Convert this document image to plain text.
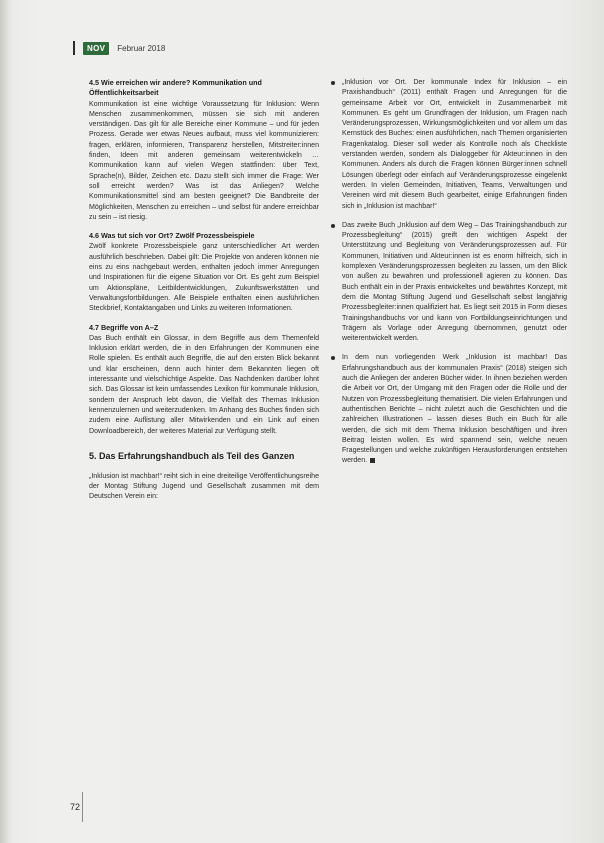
NOV	Februar 2018
4.5 Wie erreichen wir andere? Kommunikation und Öffentlichkeitsarbeit

Kommunikation ist eine wichtige Voraussetzung für Inklusion: Wenn Menschen zusammenkommen, müssen sie sich mit anderen verständigen. Das gilt für alle Bereiche einer Kommune – und für jeden Prozess. Gerade wer etwas Neues aufbaut, muss viel kommunizieren: fragen, erklären, informieren, Transparenz herstellen, Mitstreiter:innen finden, Ideen mit anderen gemeinsam weiterentwickeln … Kommunikation kann auf vielen Wegen stattfinden: über Text, Sprache(n), Bilder, Zeichen etc. Dazu stellt sich immer die Frage: Wer soll erreicht werden? Was ist das Anliegen? Welche Kommunikationsmittel sind am besten geeignet? Die Bandbreite der Möglichkeiten, Menschen zu erreichen – und selbst für andere erreichbar zu sein – ist riesig.

4.6 Was tut sich vor Ort? Zwölf Prozessbeispiele

Zwölf konkrete Prozessbeispiele ganz unterschiedlicher Art werden ausführlich beschrieben. Dabei gilt: Die Projekte von anderen können nie eins zu eins nachgebaut werden, enthalten jedoch immer Anregungen und Inspirationen für die eigene Situation vor Ort. Es geht zum Beispiel um Aktionspläne, Leitbildentwicklungen, Zukunftswerkstätten und Verwaltungsfortbildungen. Alle Beispiele enthalten einen ausführlichen Steckbrief, Kontaktangaben und Links zu weiteren Informationen.

4.7 Begriffe von A–Z

Das Buch enthält ein Glossar, in dem Begriffe aus dem Themenfeld Inklusion erklärt werden, die in den Erfahrungen der Kommunen eine Rolle spielen. Es enthält auch Begriffe, die auf den ersten Blick bekannt und klar erscheinen, denn auch hinter dem Bekannten liegen oft interessante und vielschichtige Aspekte. Das Nachdenken darüber lohnt sich. Das Glossar ist kein umfassendes Lexikon für kommunale Inklusion, sondern der Anspruch lebt davon, die Vielfalt des Themas Inklusion kennenzulernen und weiterzudenken. Im Anhang des Buches finden sich zudem eine Auflistung aller Mitwirkenden und ein Link auf einen Downloadbereich, der weiteres Material zur Verfügung stellt.

5. Das Erfahrungshandbuch als Teil des Ganzen

„Inklusion ist machbar!“ reiht sich in eine dreiteilige Veröffentlichungsreihe der Montag Stiftung Jugend und Gesellschaft zusammen mit dem Deutschen Verein ein:

„Inklusion vor Ort. Der kommunale Index für Inklusion – ein Praxishandbuch“ (2011) enthält Fragen und Anregungen für die gemeinsame Arbeit vor Ort, entwickelt in Zusammenarbeit mit Kommunen. Es geht um Grundfragen der Inklusion, um Fragen nach Veränderungsprozessen, Wirkungsmöglichkeiten und vor allem um das Kernstück des Buches: einen ausführlichen, nach Themen organisierten Fragenkatalog. Dieser soll weder als Kontrolle noch als Checkliste verstanden werden, sondern als Dialoggeber für Akteur:innen in den Kommunen. Anders als durch die Fragen können Bürger:innen schnell Lösungen überlegt oder einfach auf Veränderungsprozesse eingelenkt werden. In vielen Gemeinden, Initiativen, Teams, Verwaltungen und Vereinen wird mit diesem Buch gearbeitet, einige Erfahrungen finden sich in „Inklusion ist machbar!“
Das zweite Buch „Inklusion auf dem Weg – Das Trainingshandbuch zur Prozessbegleitung“ (2015) greift den wichtigen Aspekt der Unterstützung und Begleitung von Veränderungsprozessen auf. Für Kommunen, Initiativen und Akteur:innen ist es enorm hilfreich, sich in komplexen Veränderungsprozessen begleiten zu lassen, um den Blick von außen zu bewahren und professionell agieren zu können. Das Buch enthält ein in der Praxis entwickeltes und bewährtes Konzept, mit dem die Montag Stiftung Jugend und Gesellschaft selbst langjährig Prozessbegleiter:innen qualifiziert hat. Es liegt seit 2015 in Form dieses Trainingshandbuchs vor und kann von Fortbildungseinrichtungen und Trägern als Vorlage oder Anregung übernommen, genutzt oder weiterentwickelt werden.
In dem nun vorliegenden Werk „Inklusion ist machbar! Das Erfahrungshandbuch aus der kommunalen Praxis“ (2018) steigen sich auch die Anliegen der anderen Bücher wider. In ihnen beziehen werden die Arbeit vor Ort, der Umgang mit den Fragen oder die Rolle und der Nutzen von Prozessbegleitung thematisiert. Die vielen Erfahrungen und authentischen Berichte – nicht zuletzt auch die Geschichten und die zahlreichen Illustrationen – lassen dieses Buch ein Buch für alle werden, die sich mit dem Thema Inklusion beschäftigen und ihren Beitrag leisten wollen. Es wird spannend sein, welche neuen Fragestellungen und welche zukünftigen Herausforderungen entstehen werden.
72
